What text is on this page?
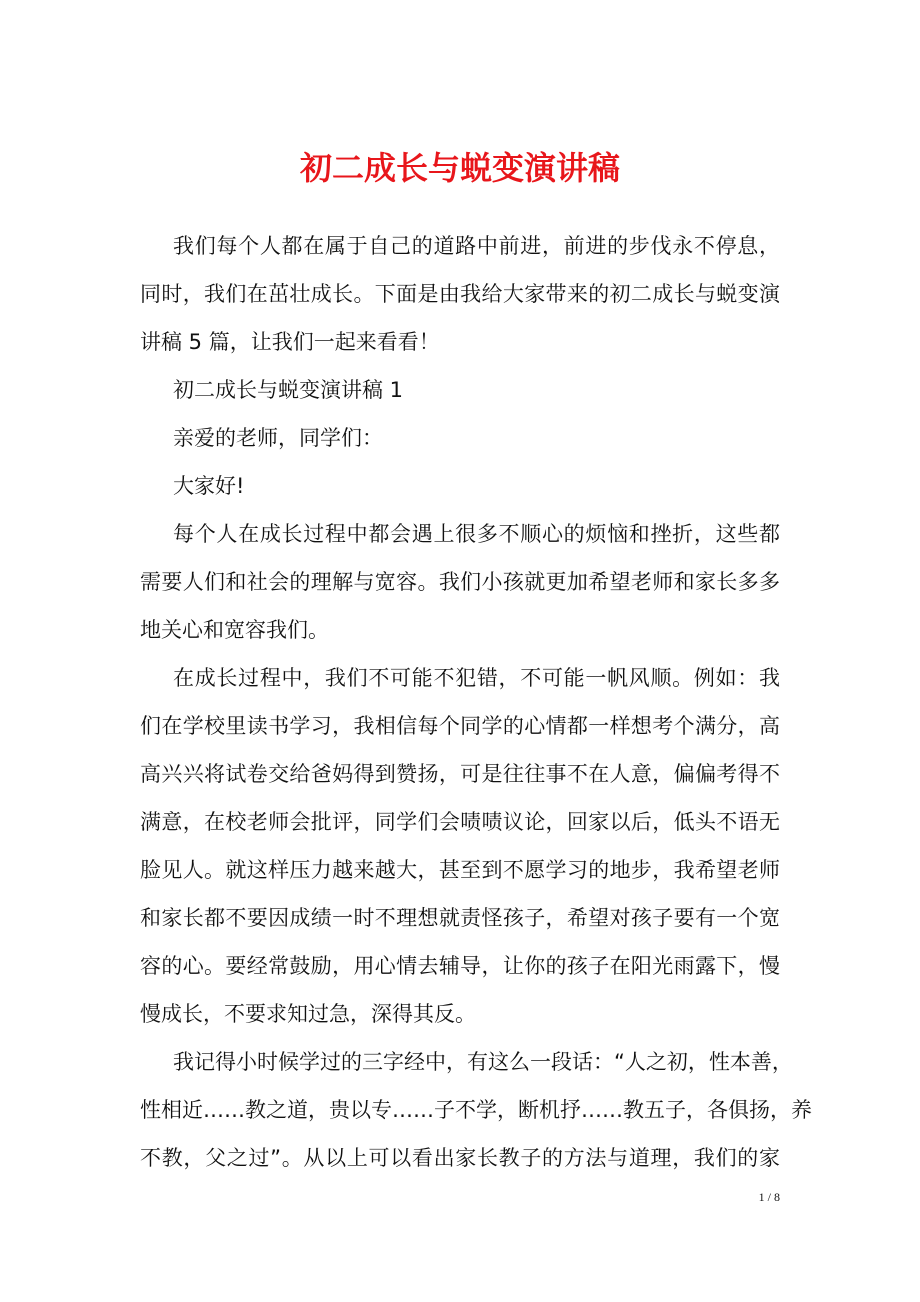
初二成长与蜕变演讲稿
我们每个人都在属于自己的道路中前进，前进的步伐永不停息，
同时，我们在茁壮成长。下面是由我给大家带来的初二成长与蜕变演
讲稿 5 篇，让我们一起来看看！
初二成长与蜕变演讲稿 1
亲爱的老师，同学们：
大家好!
每个人在成长过程中都会遇上很多不顺心的烦恼和挫折，这些都
需要人们和社会的理解与宽容。我们小孩就更加希望老师和家长多多
地关心和宽容我们。
在成长过程中，我们不可能不犯错，不可能一帆风顺。例如：我
们在学校里读书学习，我相信每个同学的心情都一样想考个满分，高
高兴兴将试卷交给爸妈得到赞扬，可是往往事不在人意，偏偏考得不
满意，在校老师会批评，同学们会啧啧议论，回家以后，低头不语无
脸见人。就这样压力越来越大，甚至到不愿学习的地步，我希望老师
和家长都不要因成绩一时不理想就责怪孩子，希望对孩子要有一个宽
容的心。要经常鼓励，用心情去辅导，让你的孩子在阳光雨露下，慢
慢成长，不要求知过急，深得其反。
我记得小时候学过的三字经中，有这么一段话：“人之初，性本善，
性相近……教之道，贵以专……子不学，断机抒……教五子，各俱扬，养
不教，父之过”。从以上可以看出家长教子的方法与道理，我们的家
1 / 8
